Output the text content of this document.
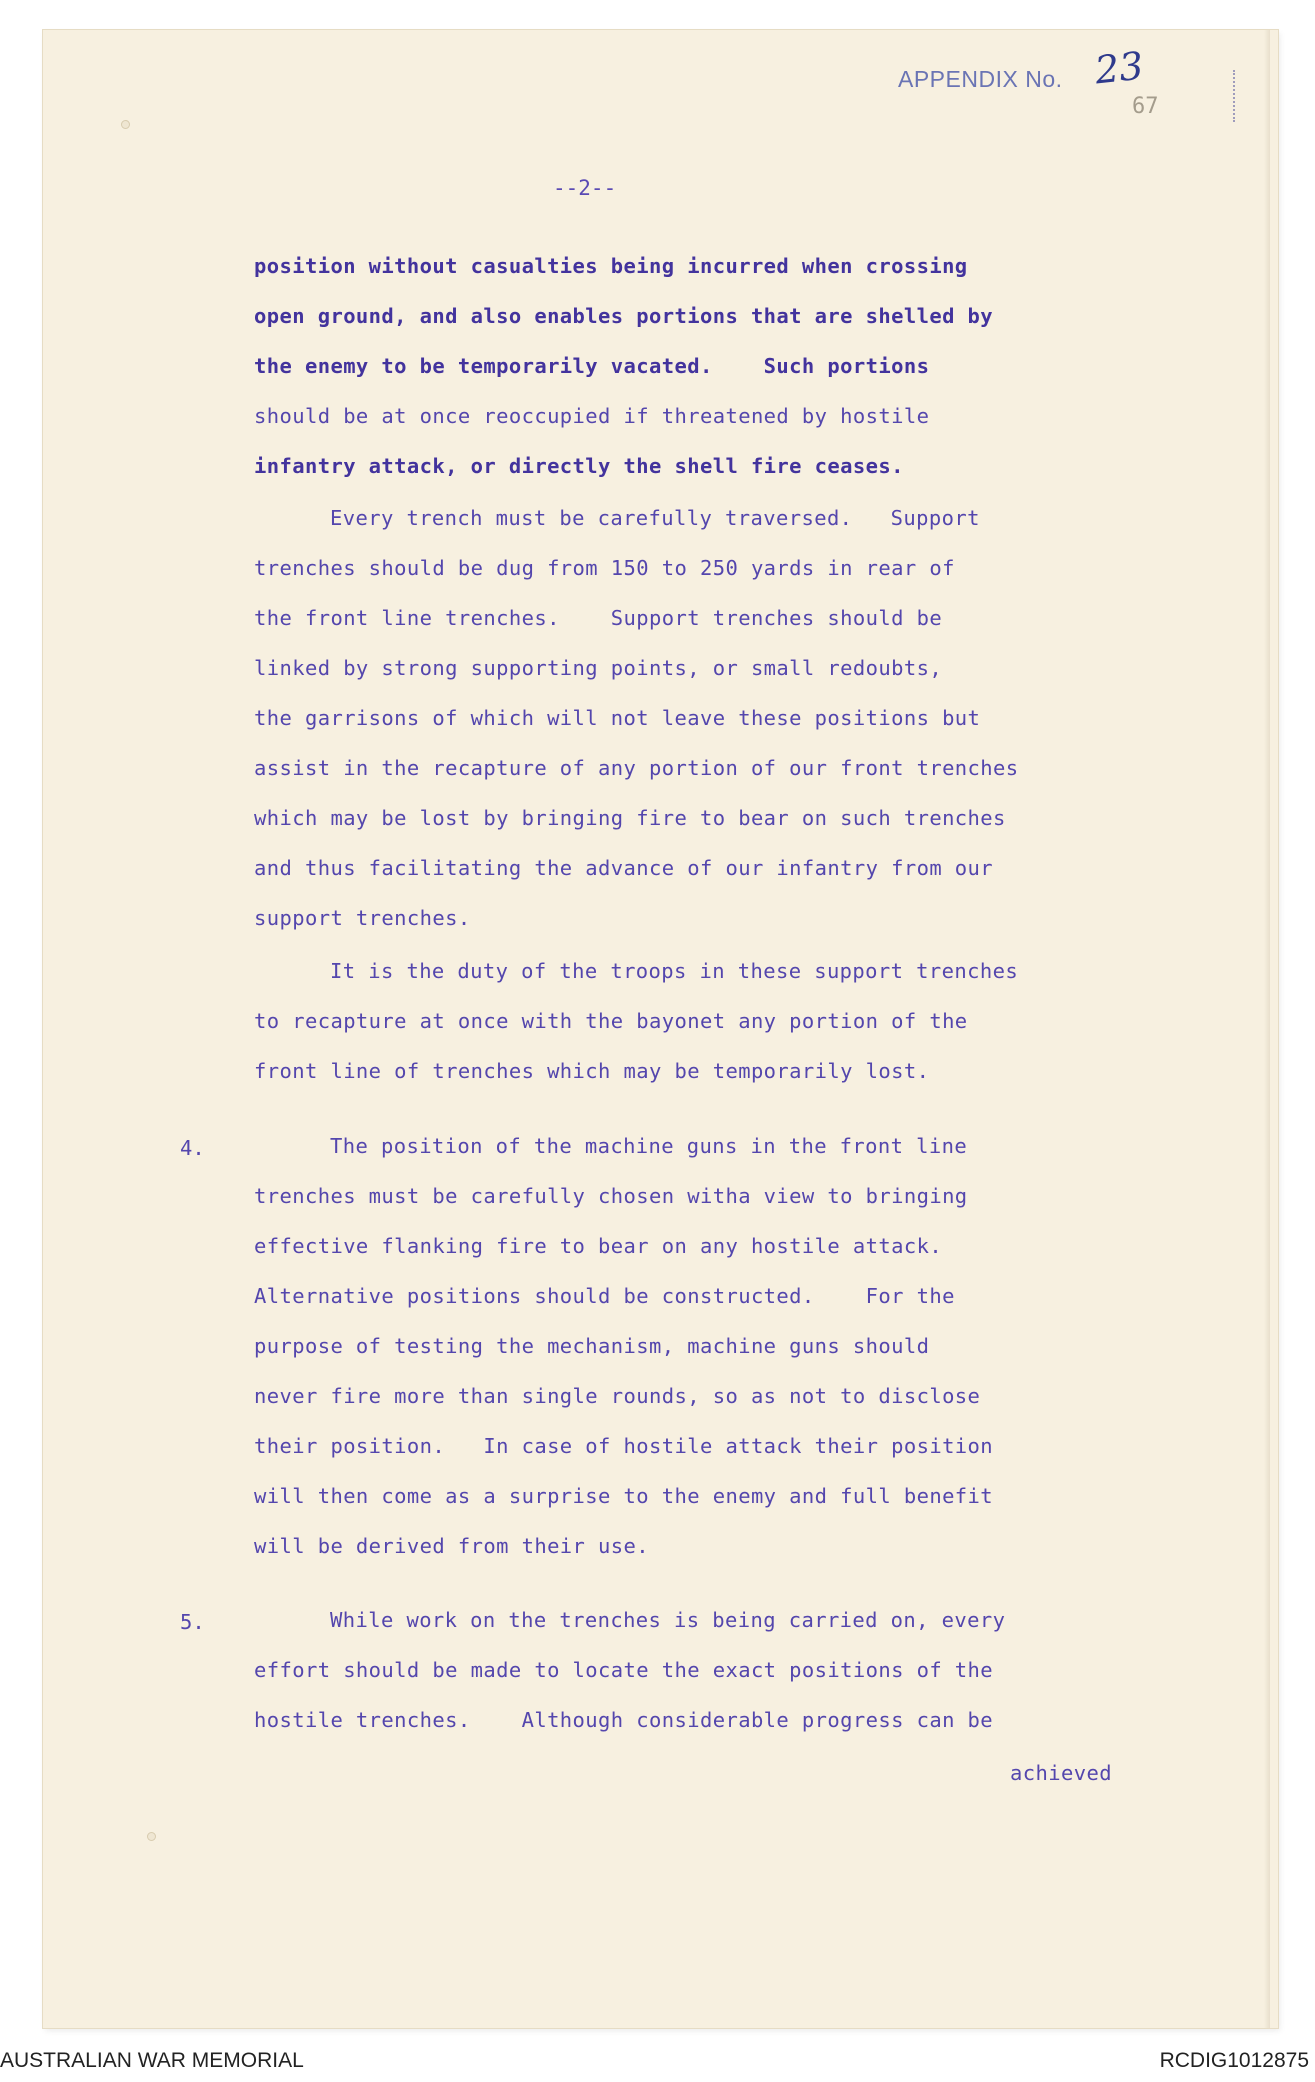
APPENDIX No. 23
67
--2--
position without casualties being incurred when crossing
open ground, and also enables portions that are shelled by
the enemy to be temporarily vacated.    Such portions
should be at once reoccupied if threatened by hostile
infantry attack, or directly the shell fire ceases.
Every trench must be carefully traversed.   Support
trenches should be dug from 150 to 250 yards in rear of
the front line trenches.    Support trenches should be
linked by strong supporting points, or small redoubts,
the garrisons of which will not leave these positions but
assist in the recapture of any portion of our front trenches
which may be lost by bringing fire to bear on such trenches
and thus facilitating the advance of our infantry from our
support trenches.
It is the duty of the troops in these support trenches
to recapture at once with the bayonet any portion of the
front line of trenches which may be temporarily lost.
4.	The position of the machine guns in the front line
trenches must be carefully chosen witha view to bringing
effective flanking fire to bear on any hostile attack.
Alternative positions should be constructed.    For the
purpose of testing the mechanism, machine guns should
never fire more than single rounds, so as not to disclose
their position.   In case of hostile attack their position
will then come as a surprise to the enemy and full benefit
will be derived from their use.
5.	While work on the trenches is being carried on, every
effort should be made to locate the exact positions of the
hostile trenches.    Although considerable progress can be
achieved
AUSTRALIAN WAR MEMORIAL	RCDIG1012875
